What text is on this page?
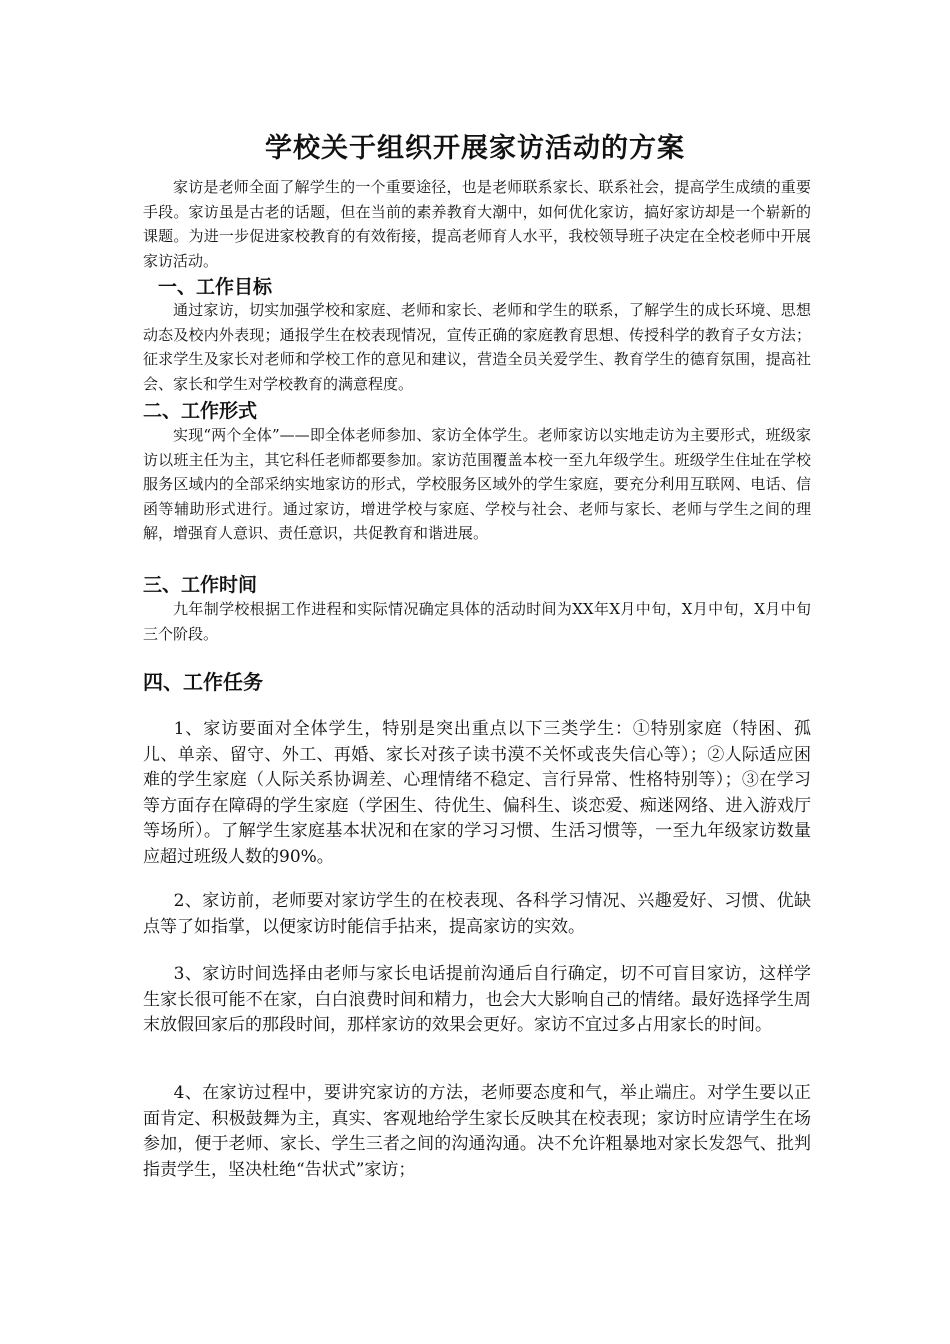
学校关于组织开展家访活动的方案

家访是老师全面了解学生的一个重要途径，也是老师联系家长、联系社会，提高学生成绩的重要手段。家访虽是古老的话题，但在当前的素养教育大潮中，如何优化家访，搞好家访却是一个崭新的课题。为进一步促进家校教育的有效衔接，提高老师育人水平，我校领导班子决定在全校老师中开展家访活动。

一、工作目标

通过家访，切实加强学校和家庭、老师和家长、老师和学生的联系，了解学生的成长环境、思想动态及校内外表现；通报学生在校表现情况，宣传正确的家庭教育思想、传授科学的教育子女方法；征求学生及家长对老师和学校工作的意见和建议，营造全员关爱学生、教育学生的德育氛围，提高社会、家长和学生对学校教育的满意程度。

二、工作形式

实现“两个全体”——即全体老师参加、家访全体学生。老师家访以实地走访为主要形式，班级家访以班主任为主，其它科任老师都要参加。家访范围覆盖本校一至九年级学生。班级学生住址在学校服务区域内的全部采纳实地家访的形式，学校服务区域外的学生家庭，要充分利用互联网、电话、信函等辅助形式进行。通过家访，增进学校与家庭、学校与社会、老师与家长、老师与学生之间的理解，增强育人意识、责任意识，共促教育和谐进展。

三、工作时间

九年制学校根据工作进程和实际情况确定具体的活动时间为XX年X月中旬，X月中旬，X月中旬三个阶段。

四、工作任务

1、家访要面对全体学生，特别是突出重点以下三类学生：①特别家庭（特困、孤儿、单亲、留守、外工、再婚、家长对孩子读书漠不关怀或丧失信心等）；②人际适应困难的学生家庭（人际关系协调差、心理情绪不稳定、言行异常、性格特别等）；③在学习等方面存在障碍的学生家庭（学困生、待优生、偏科生、谈恋爱、痴迷网络、进入游戏厅等场所）。了解学生家庭基本状况和在家的学习习惯、生活习惯等，一至九年级家访数量应超过班级人数的90%。

2、家访前，老师要对家访学生的在校表现、各科学习情况、兴趣爱好、习惯、优缺点等了如指掌，以便家访时能信手拈来，提高家访的实效。

3、家访时间选择由老师与家长电话提前沟通后自行确定，切不可盲目家访，这样学生家长很可能不在家，白白浪费时间和精力，也会大大影响自己的情绪。最好选择学生周末放假回家后的那段时间，那样家访的效果会更好。家访不宜过多占用家长的时间。

4、在家访过程中，要讲究家访的方法，老师要态度和气，举止端庄。对学生要以正面肯定、积极鼓舞为主，真实、客观地给学生家长反映其在校表现；家访时应请学生在场参加，便于老师、家长、学生三者之间的沟通沟通。决不允许粗暴地对家长发怨气、批判指责学生，坚决杜绝“告状式”家访；
